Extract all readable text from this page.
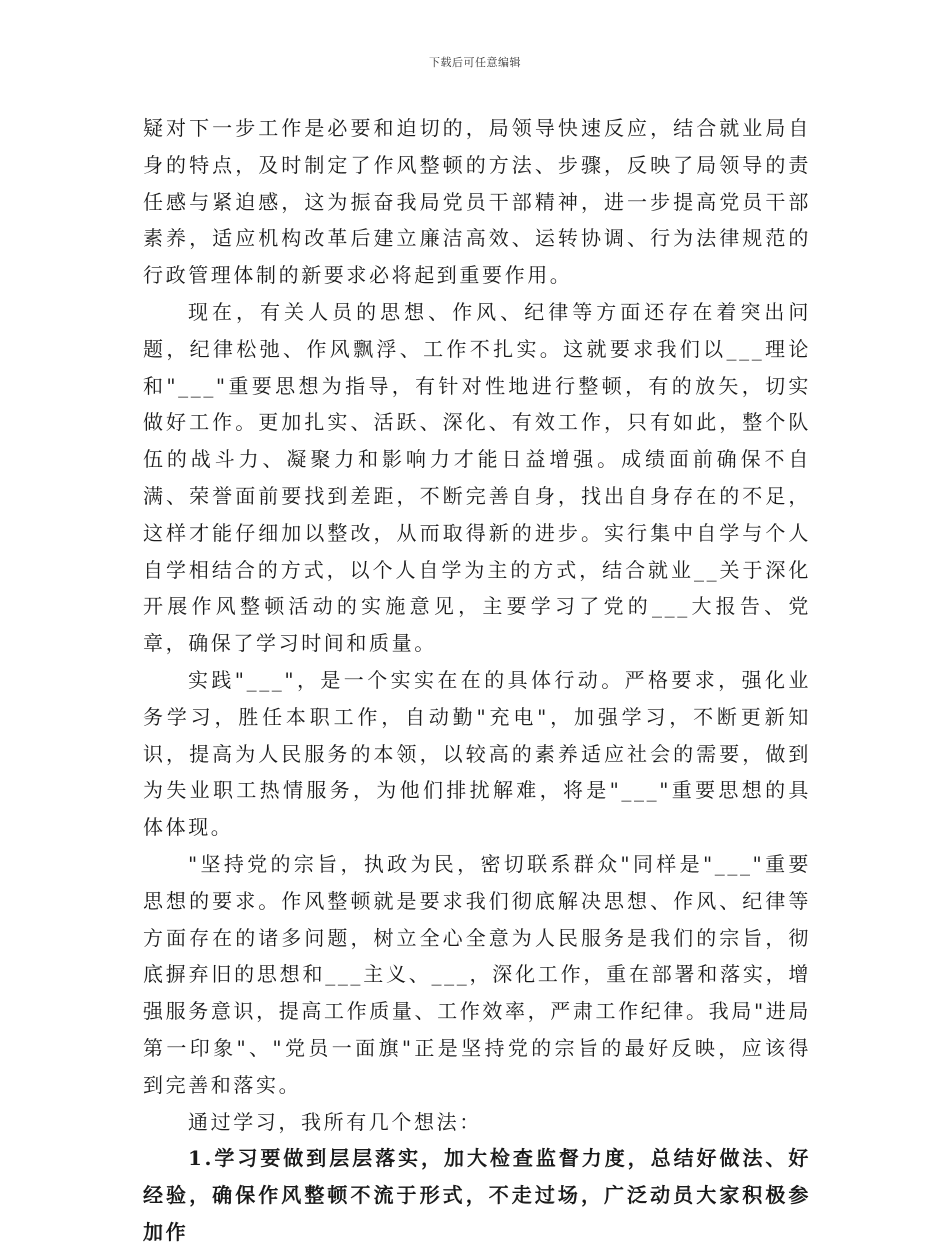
下载后可任意编辑

疑对下一步工作是必要和迫切的，局领导快速反应，结合就业局自身的特点，及时制定了作风整顿的方法、步骤，反映了局领导的责任感与紧迫感，这为振奋我局党员干部精神，进一步提高党员干部素养，适应机构改革后建立廉洁高效、运转协调、行为法律规范的行政管理体制的新要求必将起到重要作用。

现在，有关人员的思想、作风、纪律等方面还存在着突出问题，纪律松弛、作风飘浮、工作不扎实。这就要求我们以___理论和"___"重要思想为指导，有针对性地进行整顿，有的放矢，切实做好工作。更加扎实、活跃、深化、有效工作，只有如此，整个队伍的战斗力、凝聚力和影响力才能日益增强。成绩面前确保不自满、荣誉面前要找到差距，不断完善自身，找出自身存在的不足，这样才能仔细加以整改，从而取得新的进步。实行集中自学与个人自学相结合的方式，以个人自学为主的方式，结合就业__关于深化开展作风整顿活动的实施意见，主要学习了党的___大报告、党章，确保了学习时间和质量。

实践"___"，是一个实实在在的具体行动。严格要求，强化业务学习，胜任本职工作，自动勤"充电"，加强学习，不断更新知识，提高为人民服务的本领，以较高的素养适应社会的需要，做到为失业职工热情服务，为他们排扰解难，将是"___"重要思想的具体体现。

"坚持党的宗旨，执政为民，密切联系群众"同样是"___"重要思想的要求。作风整顿就是要求我们彻底解决思想、作风、纪律等方面存在的诸多问题，树立全心全意为人民服务是我们的宗旨，彻底摒弃旧的思想和___主义、___，深化工作，重在部署和落实，增强服务意识，提高工作质量、工作效率，严肃工作纪律。我局"进局第一印象"、"党员一面旗"正是坚持党的宗旨的最好反映，应该得到完善和落实。

通过学习，我所有几个想法：

1.学习要做到层层落实，加大检查监督力度，总结好做法、好经验，确保作风整顿不流于形式，不走过场，广泛动员大家积极参加作
